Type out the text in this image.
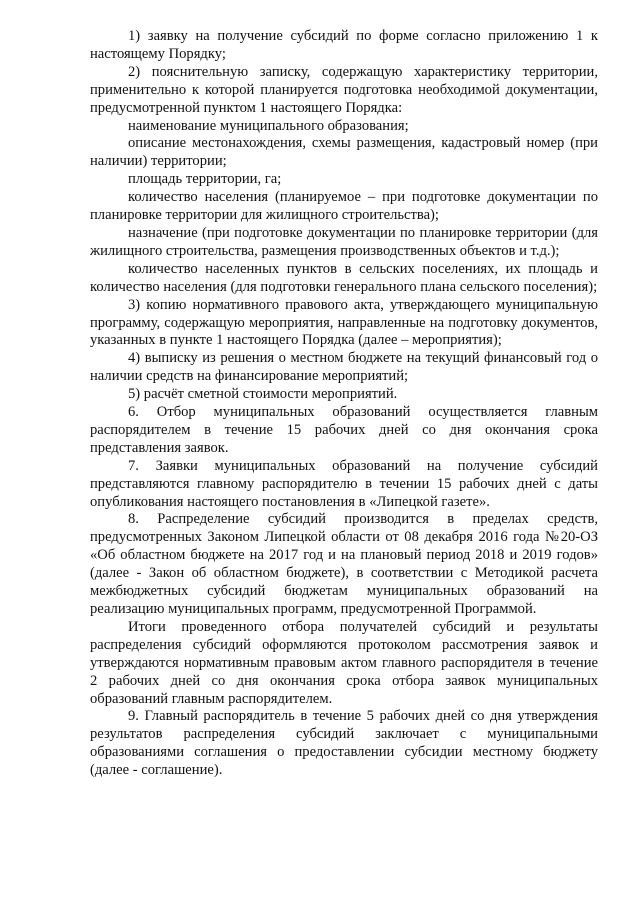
1) заявку на получение субсидий по форме согласно приложению 1 к настоящему Порядку;

2) пояснительную записку, содержащую характеристику территории, применительно к которой планируется подготовка необходимой документации, предусмотренной пунктом 1 настоящего Порядка:

наименование муниципального образования;

описание местонахождения, схемы размещения, кадастровый номер (при наличии) территории;

площадь территории, га;

количество населения (планируемое – при подготовке документации по планировке территории для жилищного строительства);

назначение (при подготовке документации по планировке территории (для жилищного строительства, размещения производственных объектов и т.д.);

количество населенных пунктов в сельских поселениях, их площадь и количество населения (для подготовки генерального плана сельского поселения);

3) копию нормативного правового акта, утверждающего муниципальную программу, содержащую мероприятия, направленные на подготовку документов, указанных в пункте 1 настоящего Порядка (далее – мероприятия);

4) выписку из решения о местном бюджете на текущий финансовый год о наличии средств на финансирование мероприятий;

5) расчёт сметной стоимости мероприятий.

6. Отбор муниципальных образований осуществляется главным распорядителем в течение 15 рабочих дней со дня окончания срока представления заявок.

7. Заявки муниципальных образований на получение субсидий представляются главному распорядителю в течении 15 рабочих дней с даты опубликования настоящего постановления в «Липецкой газете».

8. Распределение субсидий производится в пределах средств, предусмотренных Законом Липецкой области от 08 декабря 2016 года №20-ОЗ «Об областном бюджете на 2017 год и на плановый период 2018 и 2019 годов» (далее - Закон об областном бюджете), в соответствии с Методикой расчета межбюджетных субсидий бюджетам муниципальных образований на реализацию муниципальных программ, предусмотренной Программой.

Итоги проведенного отбора получателей субсидий и результаты распределения субсидий оформляются протоколом рассмотрения заявок и утверждаются нормативным правовым актом главного распорядителя в течение 2 рабочих дней со дня окончания срока отбора заявок муниципальных образований главным распорядителем.

9. Главный распорядитель в течение 5 рабочих дней со дня утверждения результатов распределения субсидий заключает с муниципальными образованиями соглашения о предоставлении субсидии местному бюджету (далее - соглашение).
